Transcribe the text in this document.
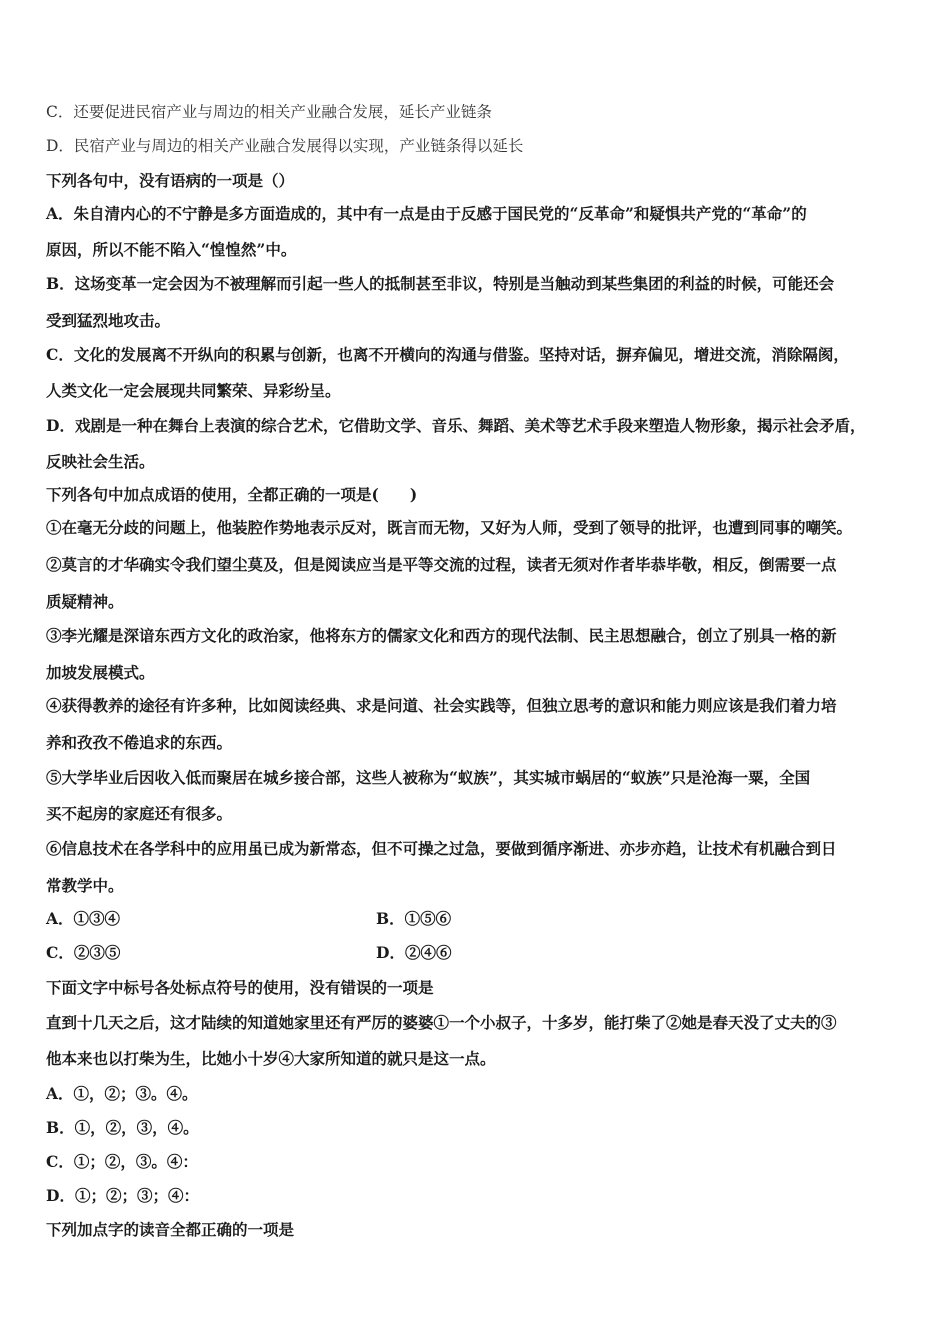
C．还要促进民宿产业与周边的相关产业融合发展，延长产业链条
D．民宿产业与周边的相关产业融合发展得以实现，产业链条得以延长
下列各句中，没有语病的一项是（）
A．朱自清内心的不宁静是多方面造成的，其中有一点是由于反感于国民党的“反革命”和疑惧共产党的“革命”的
原因，所以不能不陷入“惶惶然”中。
B．这场变革一定会因为不被理解而引起一些人的抵制甚至非议，特别是当触动到某些集团的利益的时候，可能还会
受到猛烈地攻击。
C．文化的发展离不开纵向的积累与创新，也离不开横向的沟通与借鉴。坚持对话，摒弃偏见，增进交流，消除隔阂，
人类文化一定会展现共同繁荣、异彩纷呈。
D．戏剧是一种在舞台上表演的综合艺术，它借助文学、音乐、舞蹈、美术等艺术手段来塑造人物形象，揭示社会矛盾，
反映社会生活。
下列各句中加点成语的使用，全都正确的一项是(　　)
①在毫无分歧的问题上，他装腔作势地表示反对，既言而无物，又好为人师，受到了领导的批评，也遭到同事的嘲笑。
②莫言的才华确实令我们望尘莫及，但是阅读应当是平等交流的过程，读者无须对作者毕恭毕敬，相反，倒需要一点
质疑精神。
③李光耀是深谙东西方文化的政治家，他将东方的儒家文化和西方的现代法制、民主思想融合，创立了别具一格的新
加坡发展模式。
④获得教养的途径有许多种，比如阅读经典、求是问道、社会实践等，但独立思考的意识和能力则应该是我们着力培
养和孜孜不倦追求的东西。
⑤大学毕业后因收入低而聚居在城乡接合部，这些人被称为“蚁族”，其实城市蜗居的“蚁族”只是沧海一粟，全国
买不起房的家庭还有很多。
⑥信息技术在各学科中的应用虽已成为新常态，但不可操之过急，要做到循序渐进、亦步亦趋，让技术有机融合到日
常教学中。
A．①③④	B．①⑤⑥
C．②③⑤	D．②④⑥
下面文字中标号各处标点符号的使用，没有错误的一项是
直到十几天之后，这才陆续的知道她家里还有严厉的婆婆①一个小叔子，十多岁，能打柴了②她是春天没了丈夫的③
他本来也以打柴为生，比她小十岁④大家所知道的就只是这一点。
A．①，②；③。④。
B．①，②，③，④。
C．①；②，③。④：
D．①；②；③；④：
下列加点字的读音全都正确的一项是
